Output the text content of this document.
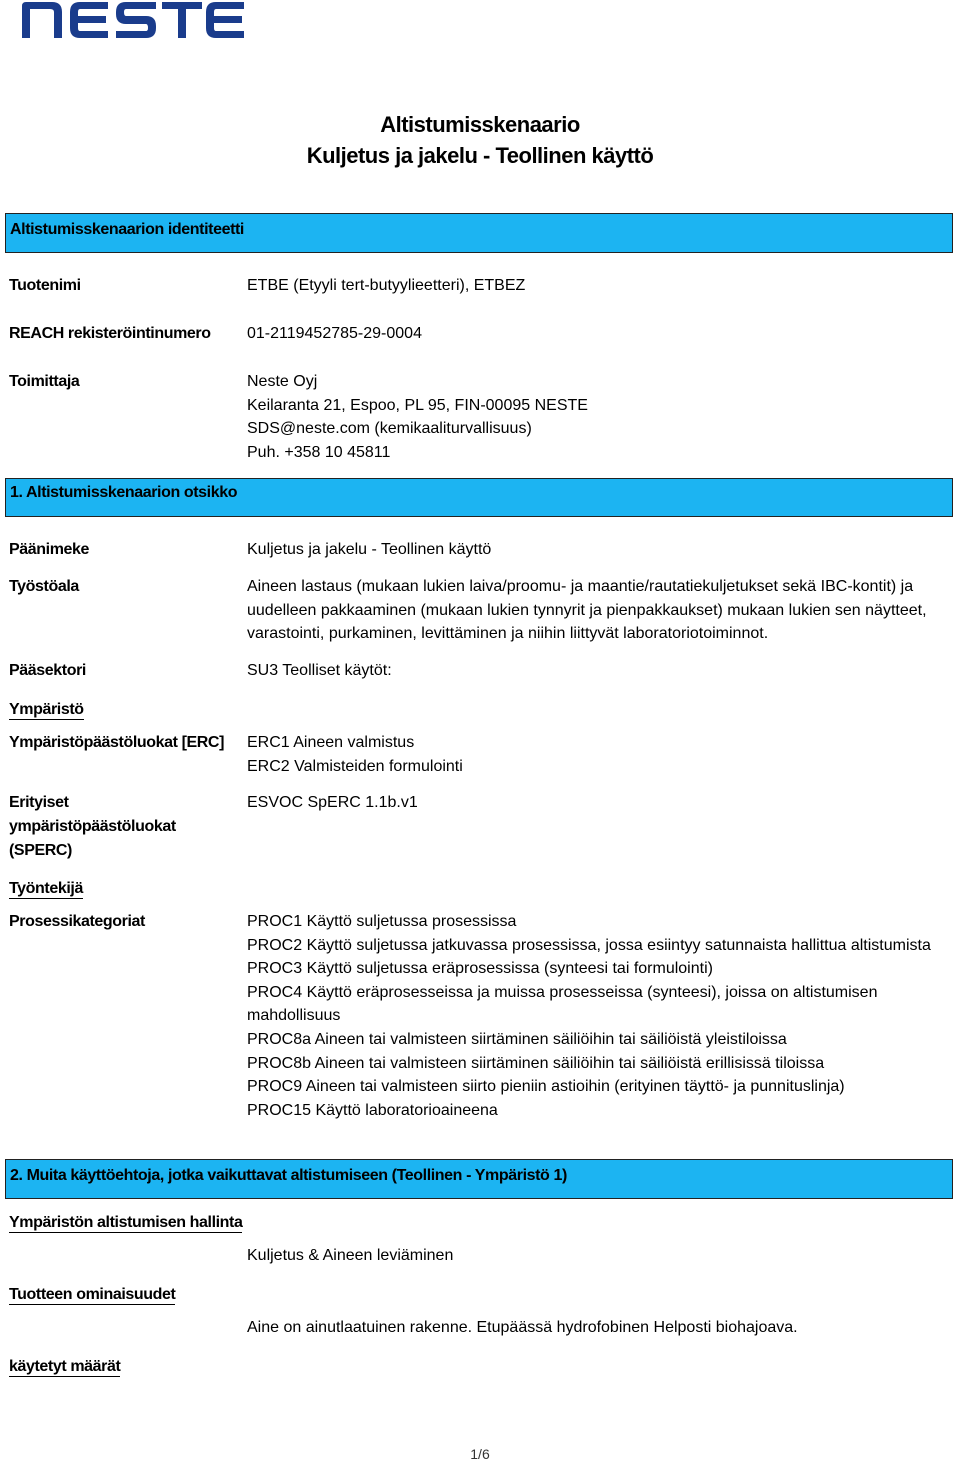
Altistumisskenaario
Kuljetus ja jakelu - Teollinen käyttö
Altistumisskenaarion identiteetti
Tuotenimi	ETBE (Etyyli tert-butyylieetteri), ETBEZ
REACH rekisteröintinumero 01-2119452785-29-0004
Toimittaja	Neste Oyj
Keilaranta 21, Espoo, PL 95, FIN-00095 NESTE
SDS@neste.com (kemikaaliturvallisuus)
Puh. +358 10 45811
1. Altistumisskenaarion otsikko
Päänimeke	Kuljetus ja jakelu - Teollinen käyttö
Työstöala	Aineen lastaus (mukaan lukien laiva/proomu- ja maantie/rautatiekuljetukset sekä IBC-kontit) ja uudelleen pakkaaminen (mukaan lukien tynnyrit ja pienpakkaukset) mukaan lukien sen näytteet, varastointi, purkaminen, levittäminen ja niihin liittyvät laboratoriotoiminnot.
Pääsektori	SU3 Teolliset käytöt:
Ympäristö
Ympäristöpäästöluokat [ERC] ERC1 Aineen valmistus
ERC2 Valmisteiden formulointi
Erityiset
ympäristöpäästöluokat
(SPERC)
ESVOC SpERC 1.1b.v1
Työntekijä
Prosessikategoriat	PROC1 Käyttö suljetussa prosessissa
PROC2 Käyttö suljetussa jatkuvassa prosessissa, jossa esiintyy satunnaista hallittua altistumista
PROC3 Käyttö suljetussa eräprosessissa (synteesi tai formulointi)
PROC4 Käyttö eräprosesseissa ja muissa prosesseissa (synteesi), joissa on altistumisen mahdollisuus
PROC8a Aineen tai valmisteen siirtäminen säiliöihin tai säiliöistä yleistiloissa
PROC8b Aineen tai valmisteen siirtäminen säiliöihin tai säiliöistä erillisissä tiloissa
PROC9 Aineen tai valmisteen siirto pieniin astioihin (erityinen täyttö- ja punnituslinja)
PROC15 Käyttö laboratorioaineena
2. Muita käyttöehtoja, jotka vaikuttavat altistumiseen (Teollinen - Ympäristö 1)
Ympäristön altistumisen hallinta
Kuljetus & Aineen leviäminen
Tuotteen ominaisuudet
Aine on ainutlaatuinen rakenne. Etupäässä hydrofobinen Helposti biohajoava.
käytetyt määrät
1/6
